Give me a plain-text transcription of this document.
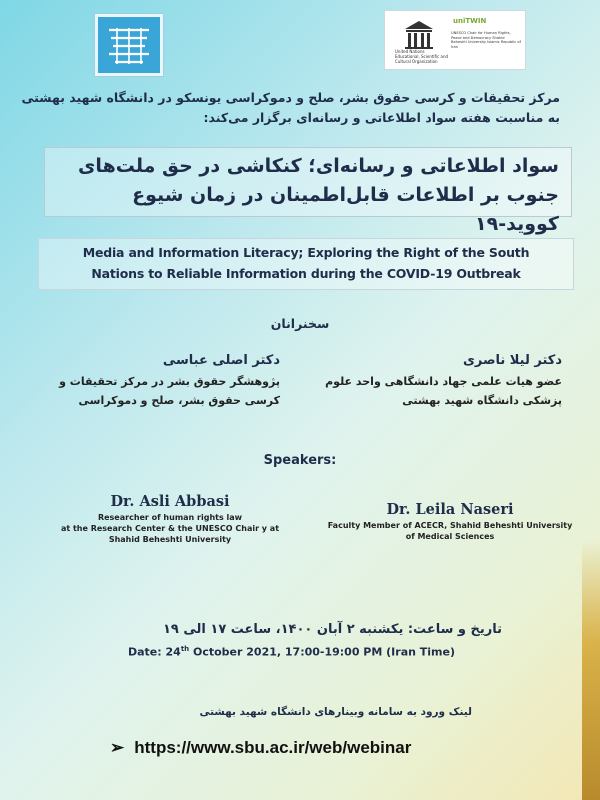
United Nations Educational, Scientific and Cultural Organization
uniTWIN
UNESCO Chair for Human Rights, Peace and Democracy Shahid Beheshti University Islamic Republic of Iran
مرکز تحقیقات و کرسی حقوق بشر، صلح و دموکراسی یونسکو در دانشگاه شهید بهشتی
به مناسبت هفته سواد اطلاعاتی و رسانه‌ای برگزار می‌کند:
سواد اطلاعاتی و رسانه‌ای؛ کنکاشی در حق ملت‌های
جنوب بر اطلاعات قابل‌اطمینان در زمان شیوع کووید-۱۹
Media and Information Literacy; Exploring the Right of the South
Nations to Reliable Information during the COVID-19 Outbreak
سخنرانان
دکتر لیلا ناصری
عضو هیات علمی جهاد دانشگاهی واحد علوم
پزشکی دانشگاه شهید بهشتی
دکتر اصلی عباسی
پژوهشگر حقوق بشر در مرکز تحقیقات و
کرسی حقوق بشر، صلح و دموکراسی
Speakers:
Dr. Asli Abbasi
Researcher of human rights law
at the Research Center & the UNESCO Chair y at
Shahid Beheshti University
Dr. Leila Naseri
Faculty Member of ACECR, Shahid Beheshti University
of Medical Sciences
تاریخ و ساعت: یکشنبه ۲ آبان ۱۴۰۰، ساعت ۱۷ الی ۱۹
Date: 24th October 2021, 17:00-19:00 PM (Iran Time)
لینک ورود به سامانه وبینارهای دانشگاه شهید بهشتی
➢ https://www.sbu.ac.ir/web/webinar
